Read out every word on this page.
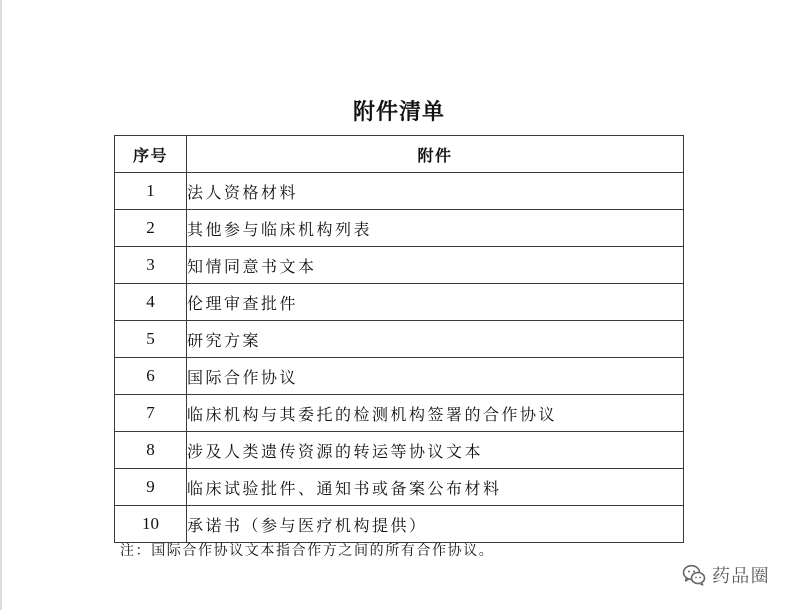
附件清单
序号	附件
1	法人资格材料
2	其他参与临床机构列表
3	知情同意书文本
4	伦理审查批件
5	研究方案
6	国际合作协议
7	临床机构与其委托的检测机构签署的合作协议
8	涉及人类遗传资源的转运等协议文本
9	临床试验批件、通知书或备案公布材料
10	承诺书（参与医疗机构提供）
注：国际合作协议文本指合作方之间的所有合作协议。
药品圈
